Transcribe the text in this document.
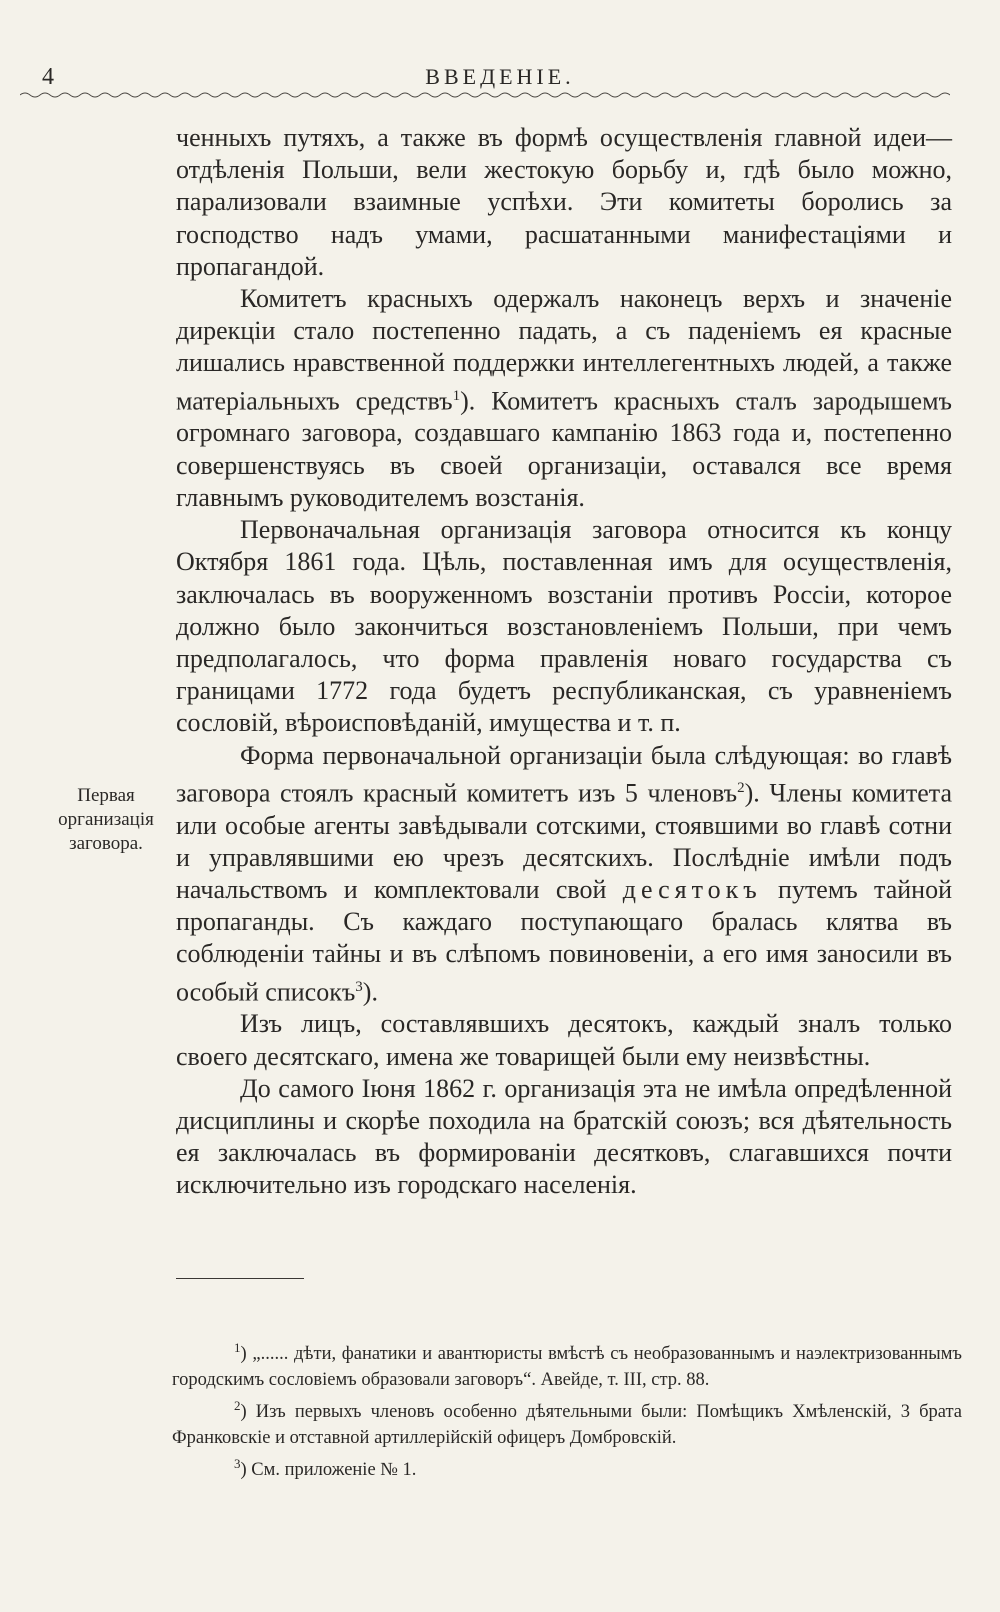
4	ВВЕДЕНІЕ.

ченныхъ путяхъ, а также въ формѣ осуществленія главной идеи—отдѣленія Польши, вели жестокую борьбу и, гдѣ было можно, парализовали взаимные успѣхи. Эти комитеты боролись за господство надъ умами, расшатанными манифестаціями и пропагандой.

Комитетъ красныхъ одержалъ наконецъ верхъ и значеніе дирекціи стало постепенно падать, а съ паденіемъ ея красные лишались нравственной поддержки интеллегентныхъ людей, а также матеріальныхъ средствъ$^1$). Комитетъ красныхъ сталъ зародышемъ огромнаго заговора, создавшаго кампанію 1863 года и, постепенно совершенствуясь въ своей организаціи, оставался все время главнымъ руководителемъ возстанія.

Первоначальная организація заговора относится къ концу Октября 1861 года. Цѣль, поставленная имъ для осуществленія, заключалась въ вооруженномъ возстаніи противъ Россіи, которое должно было закончиться возстановленіемъ Польши, при чемъ предполагалось, что форма правленія новаго государства съ границами 1772 года будетъ республиканская, съ уравненіемъ сословій, вѣроисповѣданій, имущества и т. п.

Форма первоначальной организаціи была слѣдующая: во главѣ заговора стоялъ красный комитетъ изъ 5 членовъ$^2$). Члены комитета или особые агенты завѣдывали сотскими, стоявшими во главѣ сотни и управлявшими ею чрезъ десятскихъ. Послѣдніе имѣли подъ начальствомъ и комплектовали свой десятокъ путемъ тайной пропаганды. Съ каждаго поступающаго бралась клятва въ соблюденіи тайны и въ слѣпомъ повиновеніи, а его имя заносили въ особый списокъ$^3$).

Изъ лицъ, составлявшихъ десятокъ, каждый зналъ только своего десятскаго, имена же товарищей были ему неизвѣстны.

До самого Іюня 1862 г. организація эта не имѣла опредѣленной дисциплины и скорѣе походила на братскій союзъ; вся дѣятельность ея заключалась въ формированіи десятковъ, слагавшихся почти исключительно изъ городскаго населенія.

Первая
организація
заговора.

$^1$) „...... дѣти, фанатики и авантюристы вмѣстѣ съ необразованнымъ и наэлектризованнымъ городскимъ сословіемъ образовали заговоръ“. Авейде, т. III, стр. 88.

$^2$) Изъ первыхъ членовъ особенно дѣятельными были: Помѣщикъ Хмѣленскій, 3 брата Франковскіе и отставной артиллерійскій офицеръ Домбровскій.

$^3$) См. приложеніе № 1.
